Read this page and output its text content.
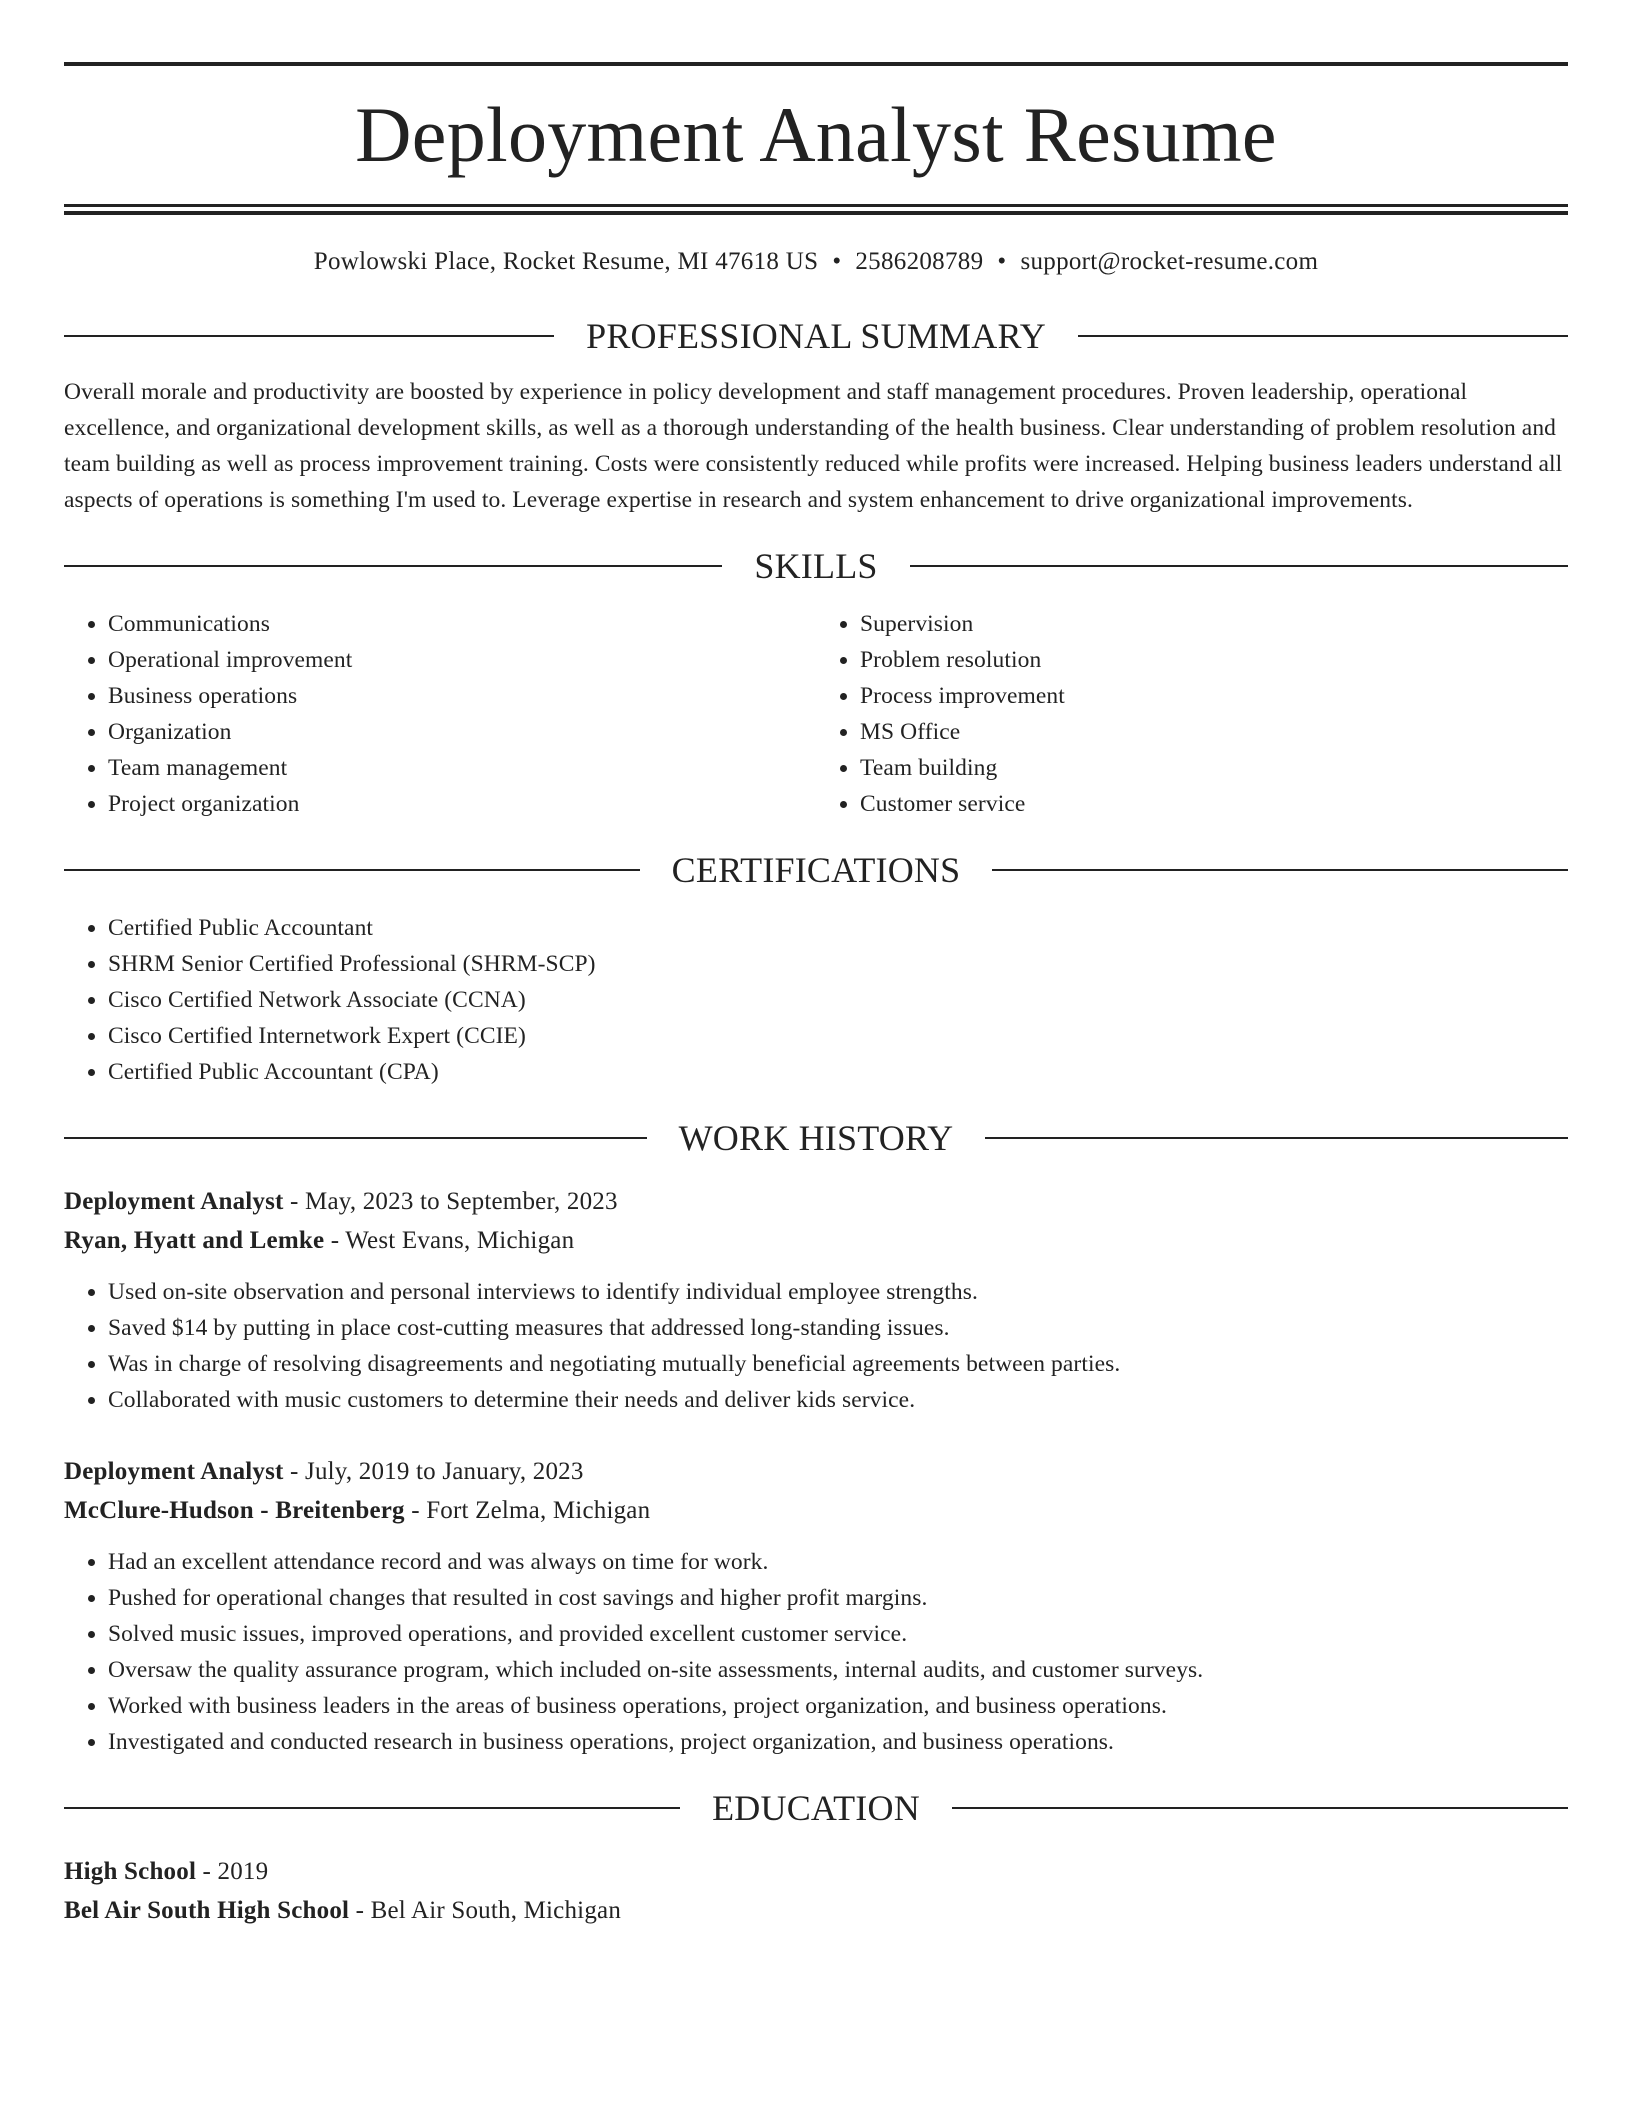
Deployment Analyst Resume
Powlowski Place, Rocket Resume, MI 47618 US • 2586208789 • support@rocket-resume.com
PROFESSIONAL SUMMARY
Overall morale and productivity are boosted by experience in policy development and staff management procedures. Proven leadership, operational excellence, and organizational development skills, as well as a thorough understanding of the health business. Clear understanding of problem resolution and team building as well as process improvement training. Costs were consistently reduced while profits were increased. Helping business leaders understand all aspects of operations is something I'm used to. Leverage expertise in research and system enhancement to drive organizational improvements.
SKILLS
• Communications
• Operational improvement
• Business operations
• Organization
• Team management
• Project organization
• Supervision
• Problem resolution
• Process improvement
• MS Office
• Team building
• Customer service
CERTIFICATIONS
• Certified Public Accountant
• SHRM Senior Certified Professional (SHRM-SCP)
• Cisco Certified Network Associate (CCNA)
• Cisco Certified Internetwork Expert (CCIE)
• Certified Public Accountant (CPA)
WORK HISTORY
Deployment Analyst - May, 2023 to September, 2023
Ryan, Hyatt and Lemke - West Evans, Michigan
• Used on-site observation and personal interviews to identify individual employee strengths.
• Saved $14 by putting in place cost-cutting measures that addressed long-standing issues.
• Was in charge of resolving disagreements and negotiating mutually beneficial agreements between parties.
• Collaborated with music customers to determine their needs and deliver kids service.
Deployment Analyst - July, 2019 to January, 2023
McClure-Hudson - Breitenberg - Fort Zelma, Michigan
• Had an excellent attendance record and was always on time for work.
• Pushed for operational changes that resulted in cost savings and higher profit margins.
• Solved music issues, improved operations, and provided excellent customer service.
• Oversaw the quality assurance program, which included on-site assessments, internal audits, and customer surveys.
• Worked with business leaders in the areas of business operations, project organization, and business operations.
• Investigated and conducted research in business operations, project organization, and business operations.
EDUCATION
High School - 2019
Bel Air South High School - Bel Air South, Michigan
